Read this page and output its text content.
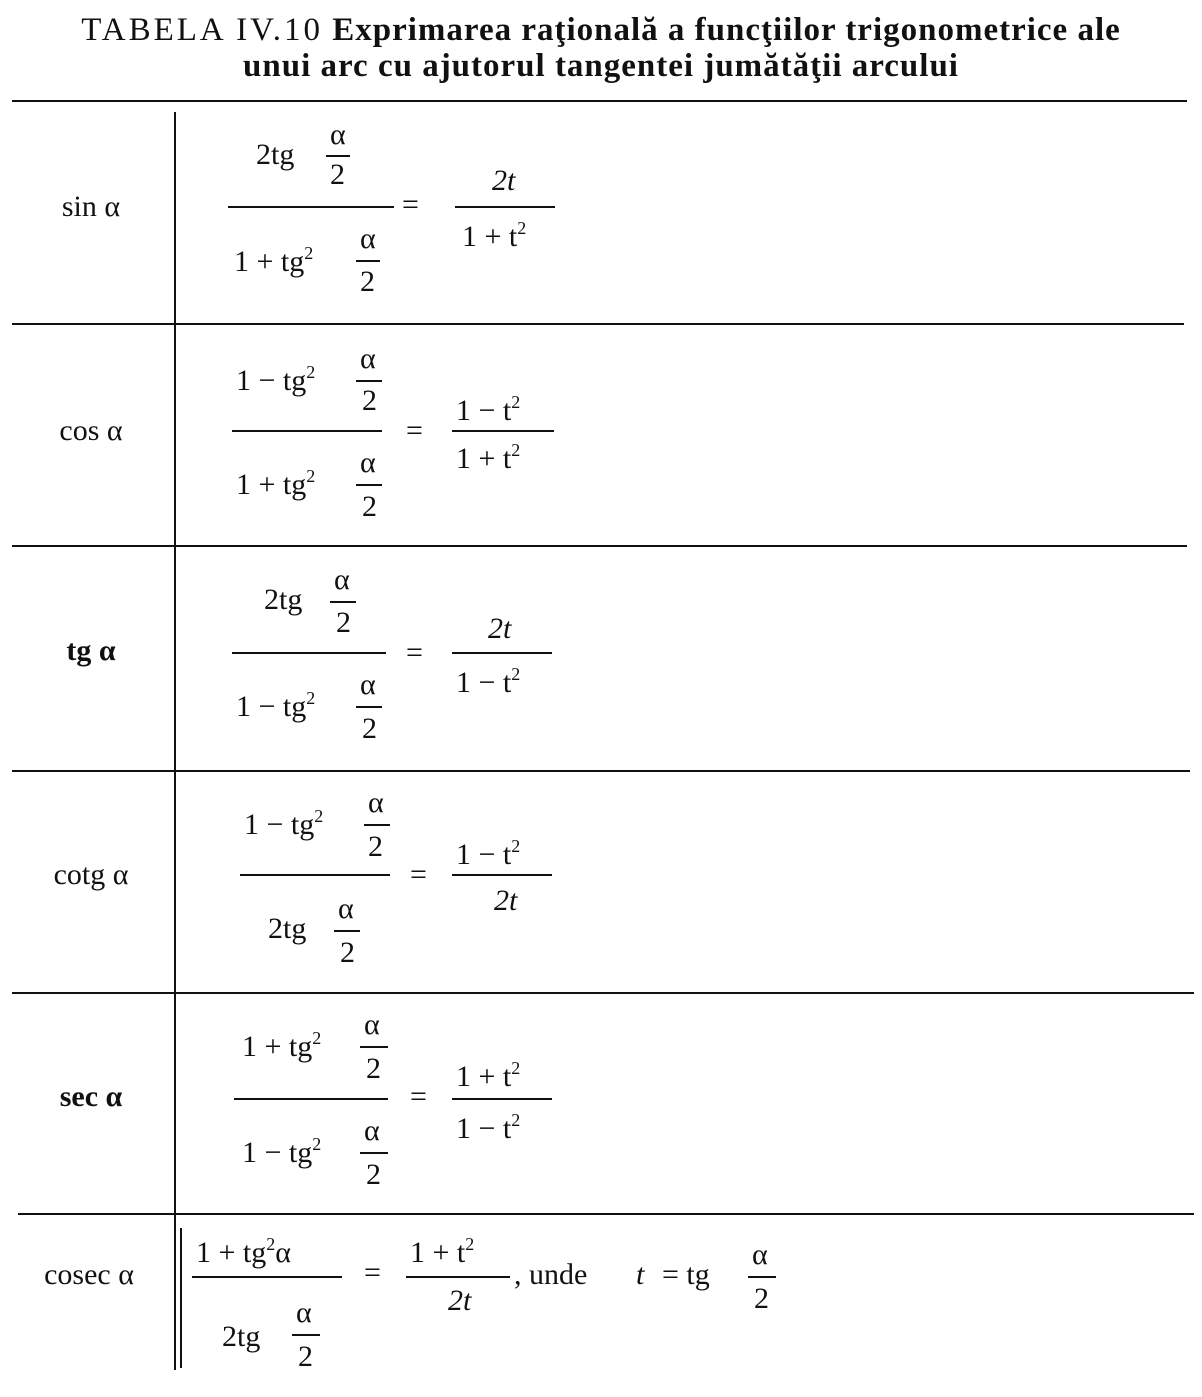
TABELA IV.10 Exprimarea raţională a funcţiilor trigonometrice ale
unui arc cu ajutorul tangentei jumătăţii arcului
sin α
2tg
α
2
$1 + tg^2$ α
2
=
2t
$1 + t^2$
cos α
$1 - tg^2$ α
2
$1 + tg^2$ α
2
=
$1 - t^2$
$1 + t^2$
tg α
2tg
α
2
$1 - tg^2$ α
2
=
2t
$1 - t^2$
cotg α
$1 - tg^2$ α
2
2tg
α
2
=
$1 - t^2$
2t
sec α
$1 + tg^2$ α
2
$1 - tg^2$ α
2
=
$1 + t^2$
$1 - t^2$
cosec α
$1 + tg^2\alpha$
2tg
α
2
=
$1 + t^2$
2t
, unde t = tg
α
2
